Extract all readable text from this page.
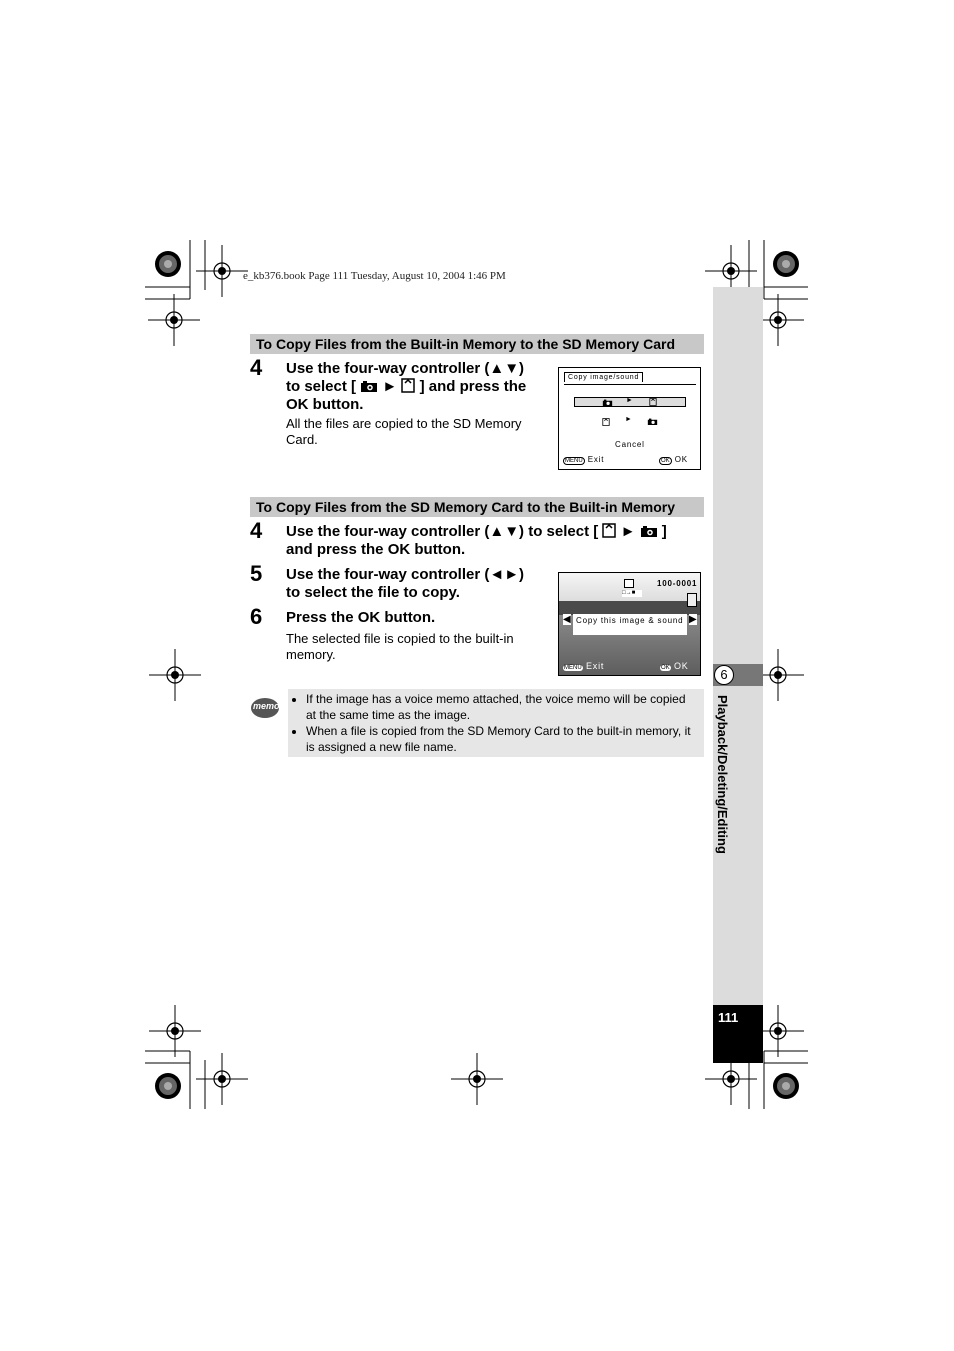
e_kb376.book Page 111 Tuesday, August 10, 2004 1:46 PM
6
Playback/Deleting/Editing
111
To Copy Files from the Built-in Memory to the SD Memory Card
4 Use the four-way controller (▲▼)
to select [ ► ] and press the
OK button.
All the files are copied to the SD Memory Card.
Copy image/sound
►
►
Cancel
MENU Exit	OK OK
To Copy Files from the SD Memory Card to the Built-in Memory
4 Use the four-way controller (▲▼) to select [ ► ]
and press the OK button.
5 Use the four-way controller (◄►)
to select the file to copy.
6 Press the OK button.
The selected file is copied to the built-in memory.
100-0001
□→■
◀	▶
Copy this image & sound
MENU Exit	OK OK
memo
• If the image has a voice memo attached, the voice memo will be copied at the same time as the image.
• When a file is copied from the SD Memory Card to the built-in memory, it is assigned a new file name.
